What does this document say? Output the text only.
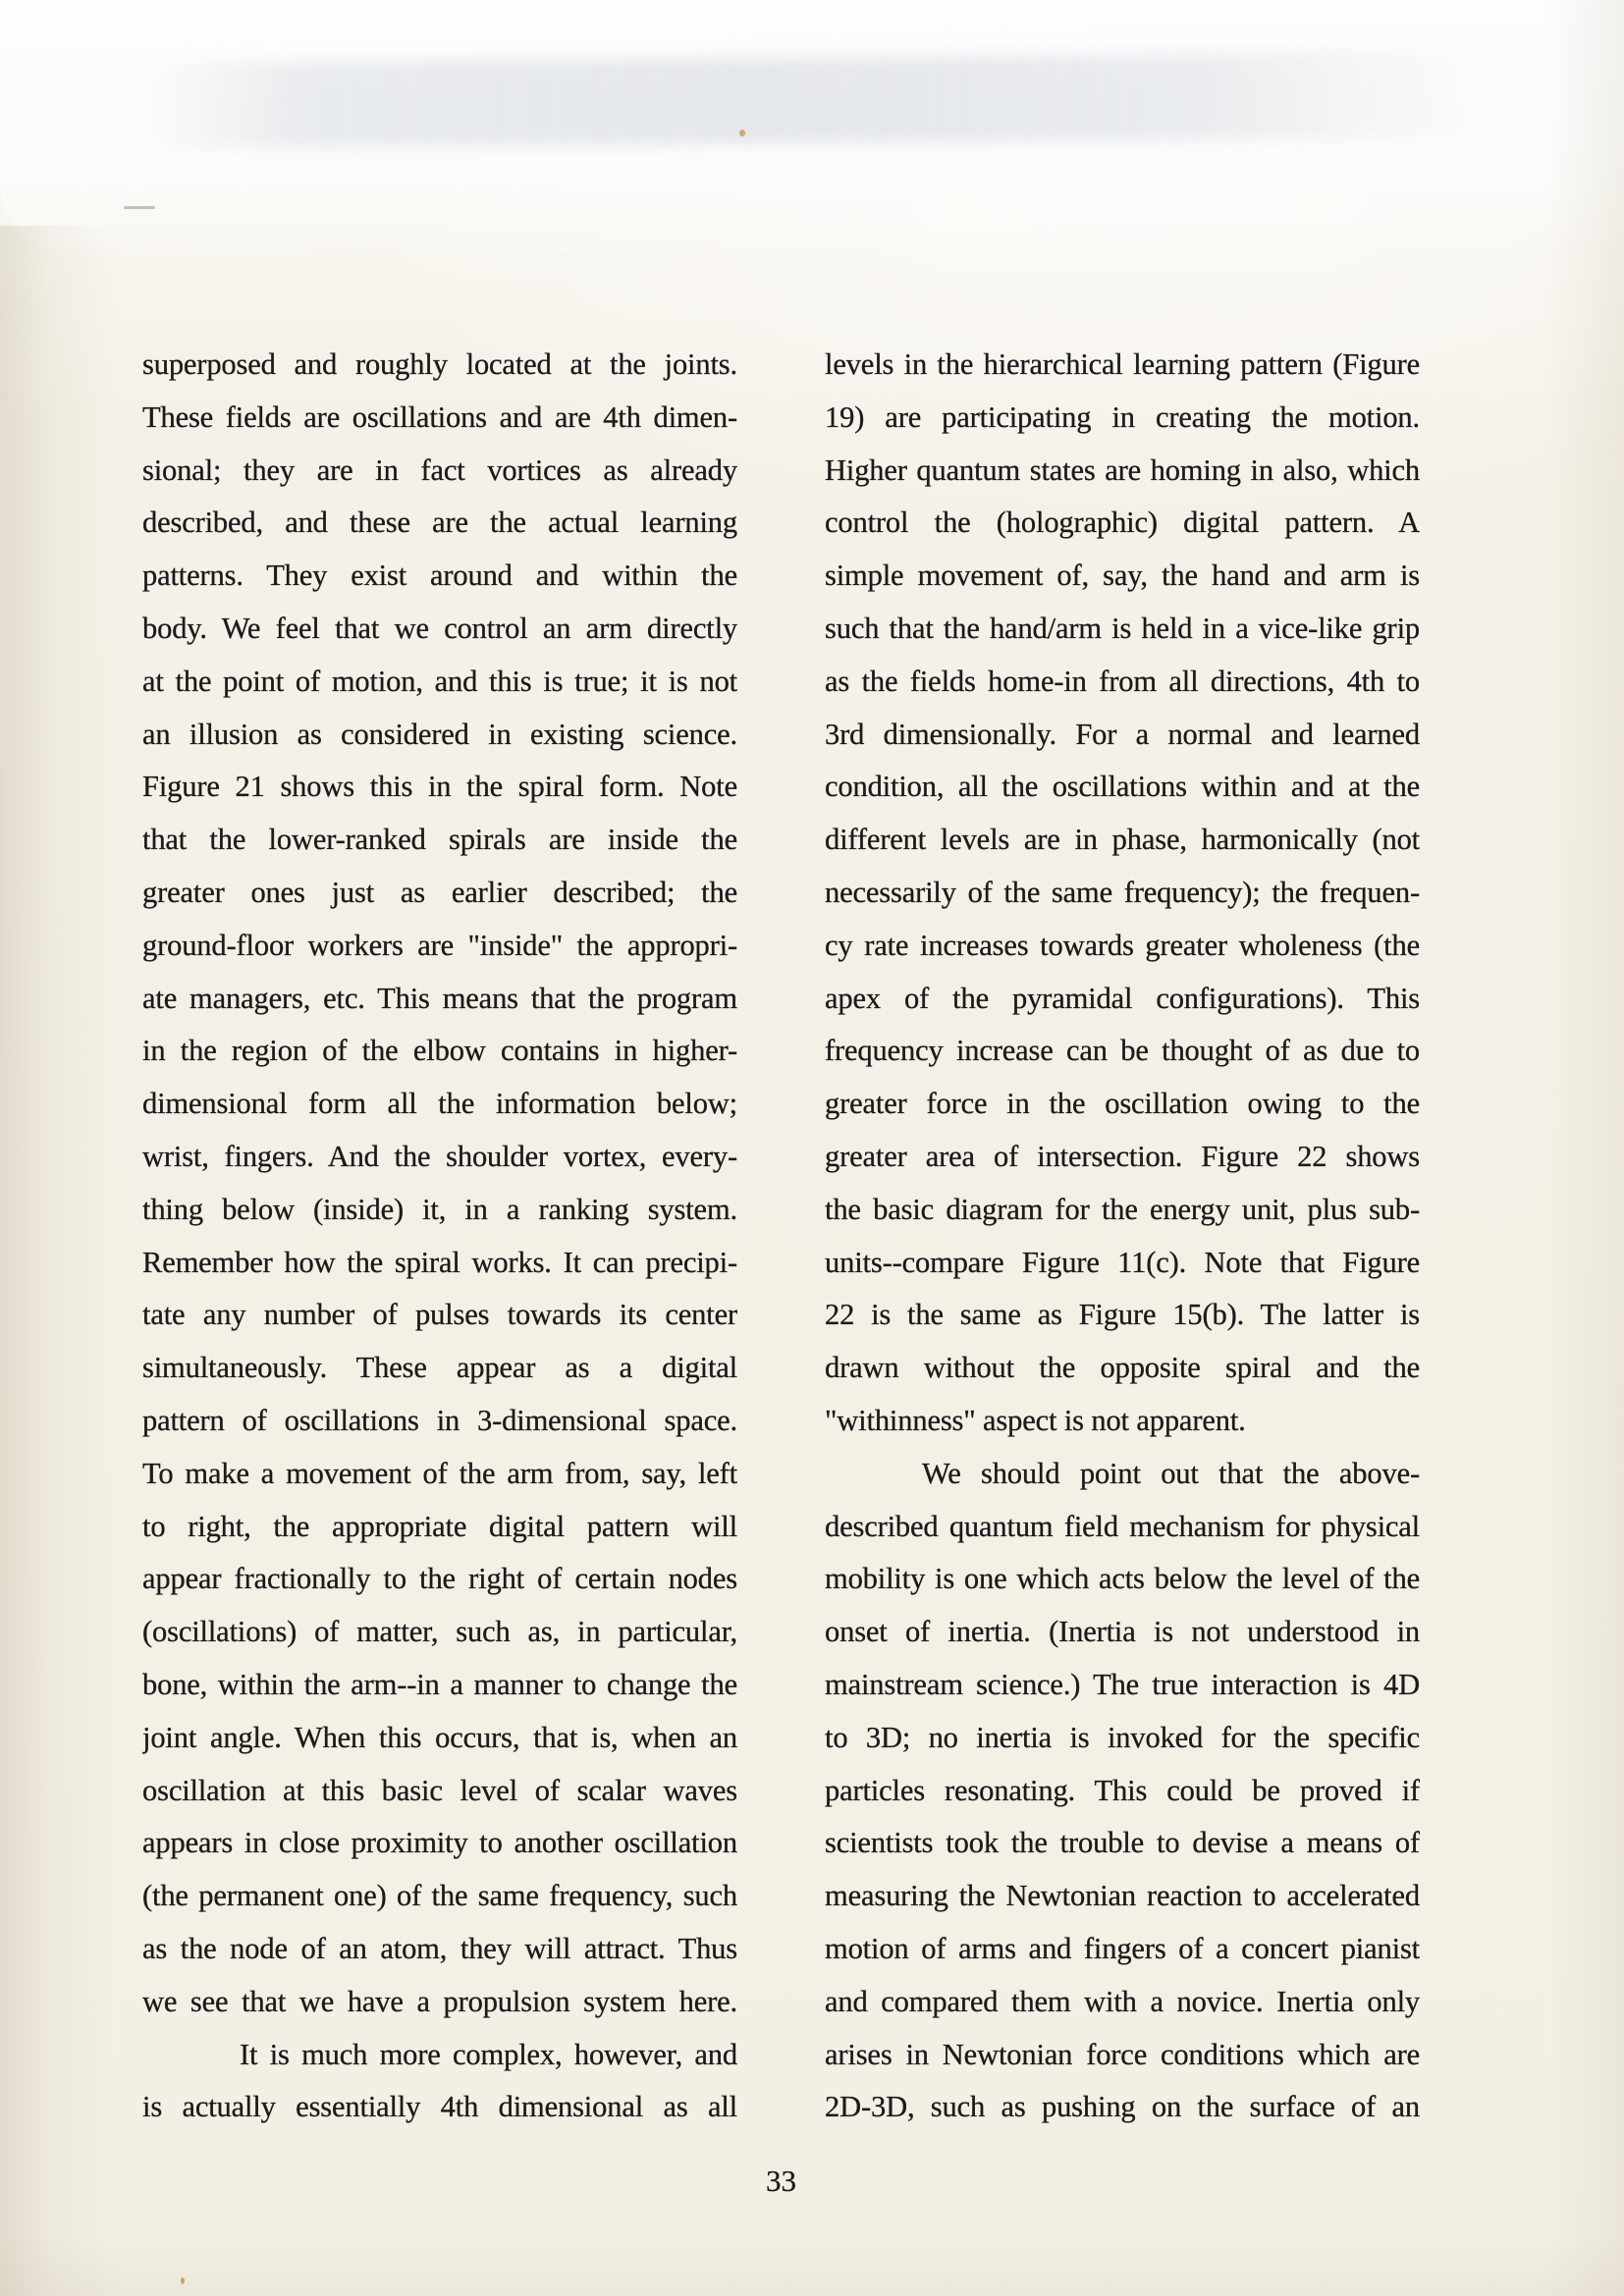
superposed and roughly located at the joints.
These fields are oscillations and are 4th dimen-
sional; they are in fact vortices as already
described, and these are the actual learning
patterns. They exist around and within the
body. We feel that we control an arm directly
at the point of motion, and this is true; it is not
an illusion as considered in existing science.
Figure 21 shows this in the spiral form. Note
that the lower-ranked spirals are inside the
greater ones just as earlier described; the
ground-floor workers are "inside" the appropri-
ate managers, etc. This means that the program
in the region of the elbow contains in higher-
dimensional form all the information below;
wrist, fingers. And the shoulder vortex, every-
thing below (inside) it, in a ranking system.
Remember how the spiral works. It can precipi-
tate any number of pulses towards its center
simultaneously. These appear as a digital
pattern of oscillations in 3-dimensional space.
To make a movement of the arm from, say, left
to right, the appropriate digital pattern will
appear fractionally to the right of certain nodes
(oscillations) of matter, such as, in particular,
bone, within the arm--in a manner to change the
joint angle. When this occurs, that is, when an
oscillation at this basic level of scalar waves
appears in close proximity to another oscillation
(the permanent one) of the same frequency, such
as the node of an atom, they will attract. Thus
we see that we have a propulsion system here.
It is much more complex, however, and
is actually essentially 4th dimensional as all
levels in the hierarchical learning pattern (Figure
19) are participating in creating the motion.
Higher quantum states are homing in also, which
control the (holographic) digital pattern. A
simple movement of, say, the hand and arm is
such that the hand/arm is held in a vice-like grip
as the fields home-in from all directions, 4th to
3rd dimensionally. For a normal and learned
condition, all the oscillations within and at the
different levels are in phase, harmonically (not
necessarily of the same frequency); the frequen-
cy rate increases towards greater wholeness (the
apex of the pyramidal configurations). This
frequency increase can be thought of as due to
greater force in the oscillation owing to the
greater area of intersection. Figure 22 shows
the basic diagram for the energy unit, plus sub-
units--compare Figure 11(c). Note that Figure
22 is the same as Figure 15(b). The latter is
drawn without the opposite spiral and the
"withinness" aspect is not apparent.
We should point out that the above-
described quantum field mechanism for physical
mobility is one which acts below the level of the
onset of inertia. (Inertia is not understood in
mainstream science.) The true interaction is 4D
to 3D; no inertia is invoked for the specific
particles resonating. This could be proved if
scientists took the trouble to devise a means of
measuring the Newtonian reaction to accelerated
motion of arms and fingers of a concert pianist
and compared them with a novice. Inertia only
arises in Newtonian force conditions which are
2D-3D, such as pushing on the surface of an
33
